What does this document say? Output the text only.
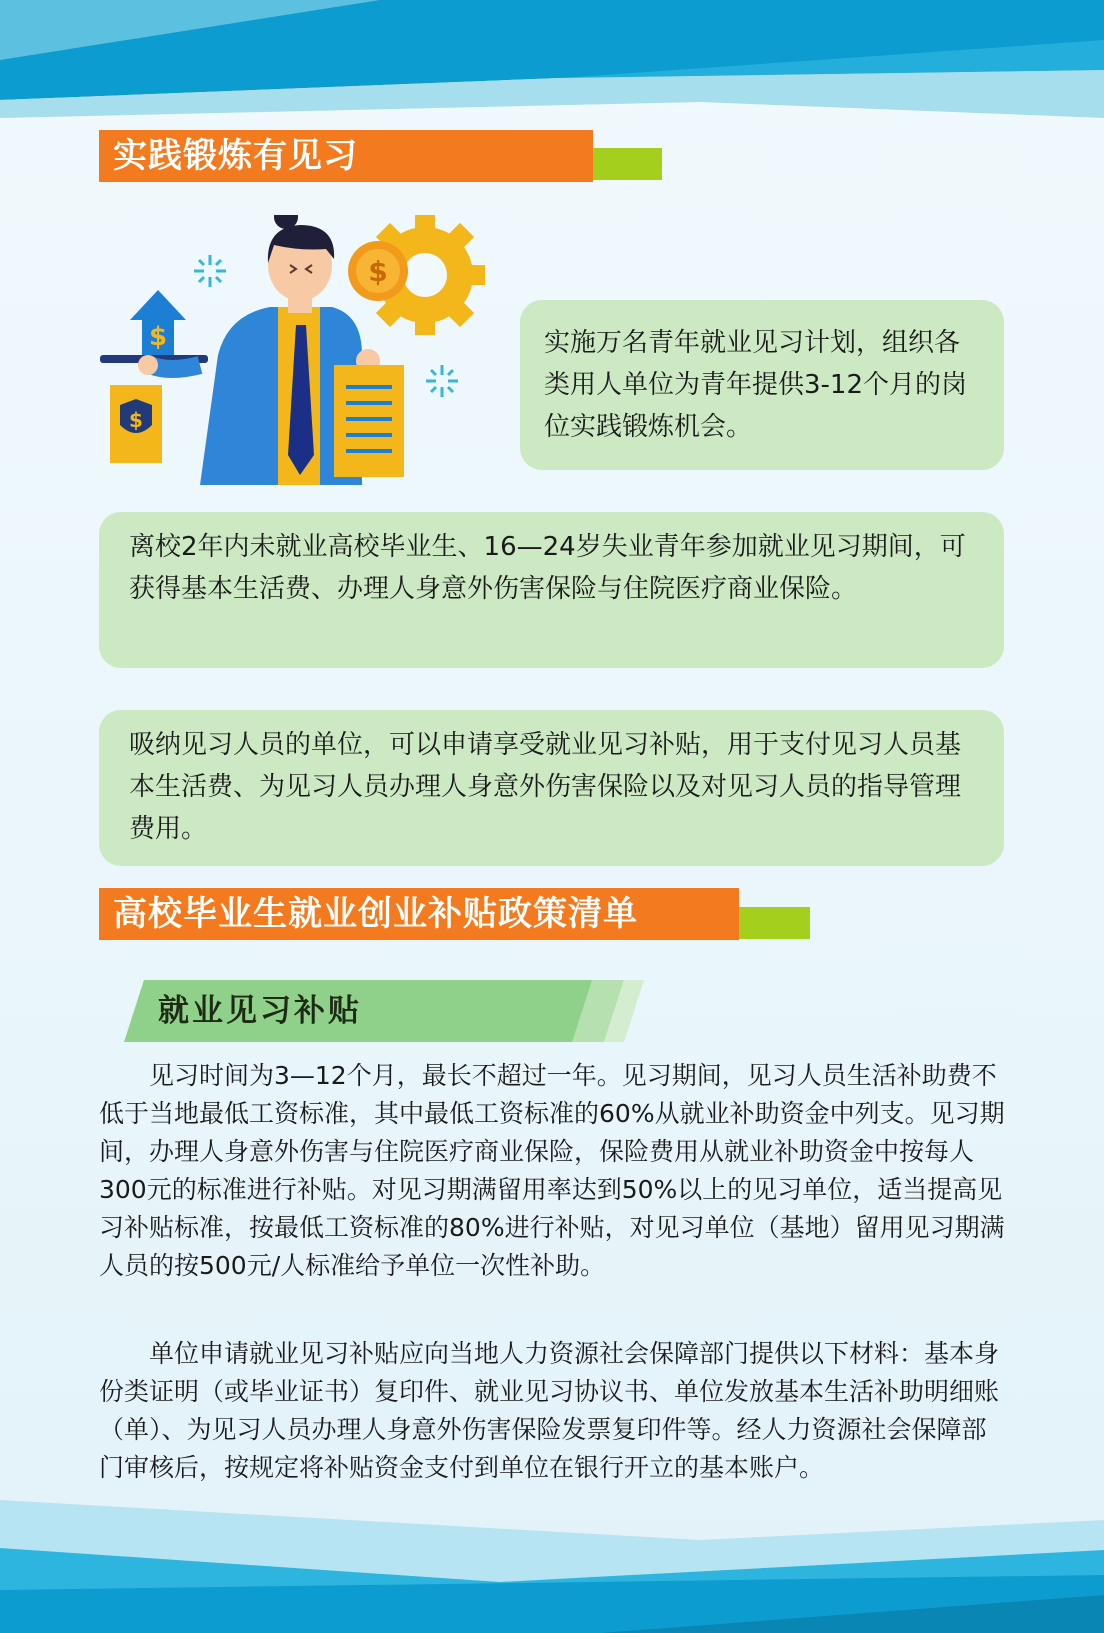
实践锻炼有见习
$
$
$
实施万名青年就业见习计划，组织各类用人单位为青年提供3-12个月的岗位实践锻炼机会。
离校2年内未就业高校毕业生、16—24岁失业青年参加就业见习期间，可获得基本生活费、办理人身意外伤害保险与住院医疗商业保险。
吸纳见习人员的单位，可以申请享受就业见习补贴，用于支付见习人员基本生活费、为见习人员办理人身意外伤害保险以及对见习人员的指导管理费用。
高校毕业生就业创业补贴政策清单
就业见习补贴

见习时间为3—12个月，最长不超过一年。见习期间，见习人员生活补助费不低于当地最低工资标准，其中最低工资标准的60%从就业补助资金中列支。见习期间，办理人身意外伤害与住院医疗商业保险，保险费用从就业补助资金中按每人300元的标准进行补贴。对见习期满留用率达到50%以上的见习单位，适当提高见习补贴标准，按最低工资标准的80%进行补贴，对见习单位（基地）留用见习期满人员的按500元/人标准给予单位一次性补助。

单位申请就业见习补贴应向当地人力资源社会保障部门提供以下材料：基本身份类证明（或毕业证书）复印件、就业见习协议书、单位发放基本生活补助明细账（单）、为见习人员办理人身意外伤害保险发票复印件等。经人力资源社会保障部门审核后，按规定将补贴资金支付到单位在银行开立的基本账户。
